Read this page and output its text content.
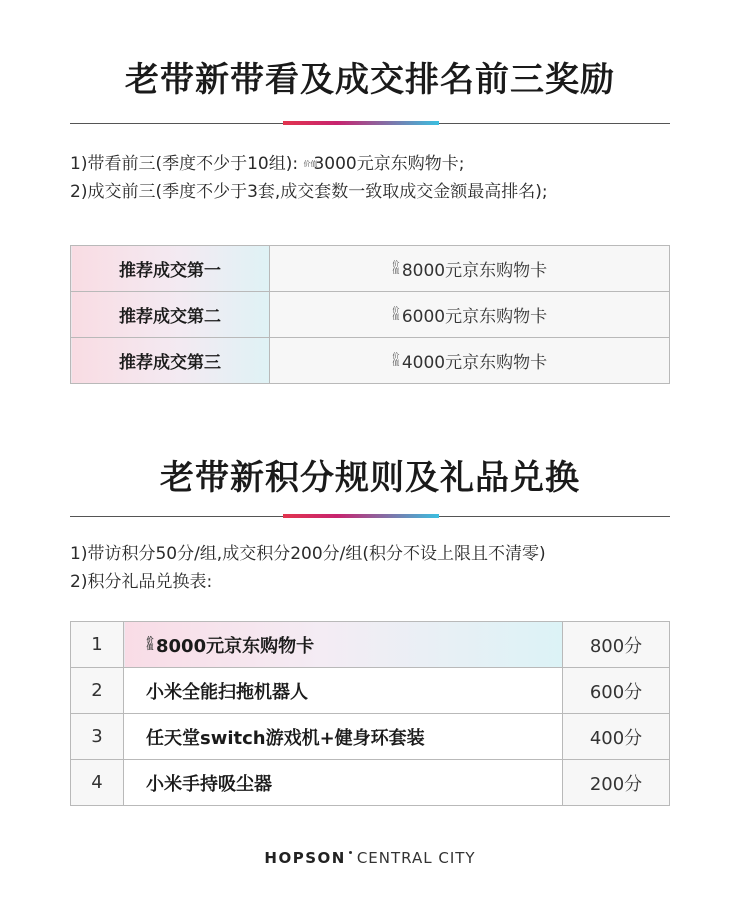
老带新带看及成交排名前三奖励
1)带看前三(季度不少于10组): 价值3000元京东购物卡;
2)成交前三(季度不少于3套,成交套数一致取成交金额最高排名);
推荐成交第一	价值 8000元京东购物卡
推荐成交第二	价值 6000元京东购物卡
推荐成交第三	价值 4000元京东购物卡
老带新积分规则及礼品兑换
1)带访积分50分/组,成交积分200分/组(积分不设上限且不清零)
2)积分礼品兑换表:
1	价值 8000元京东购物卡	800分
2	小米全能扫拖机器人	600分
3	任天堂switch游戏机+健身环套装	400分
4	小米手持吸尘器	200分
HOPSON CENTRAL CITY
